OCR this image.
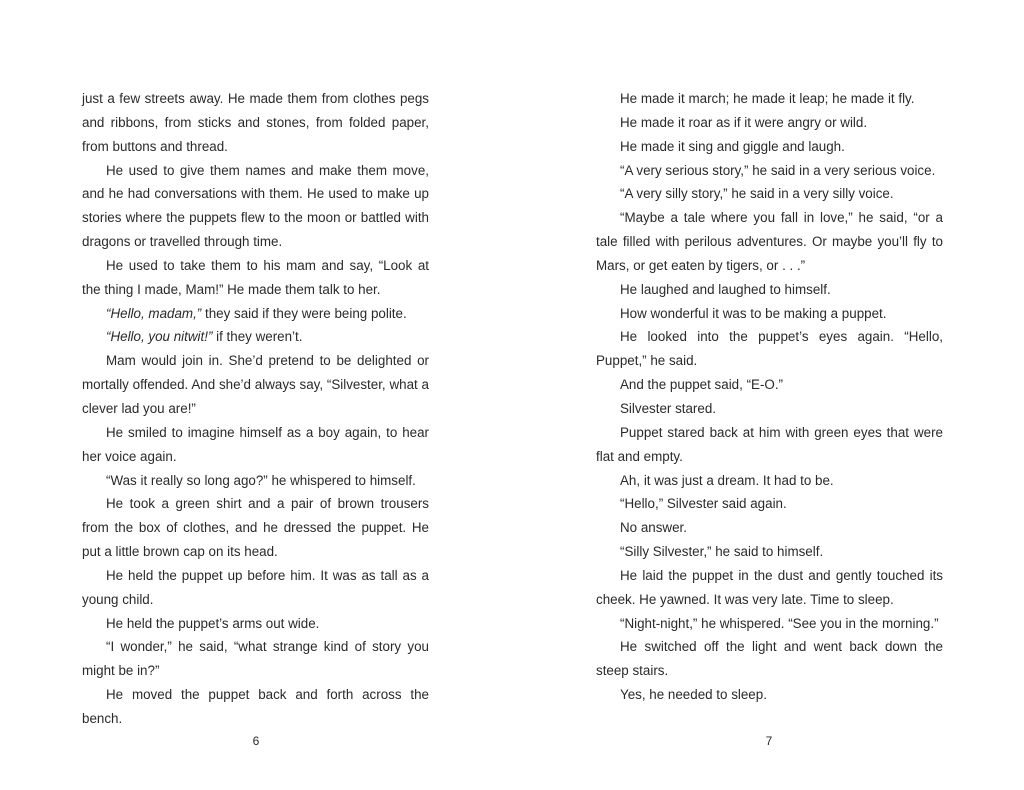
just a few streets away. He made them from clothes pegs and ribbons, from sticks and stones, from folded paper, from buttons and thread.

He used to give them names and make them move, and he had conversations with them. He used to make up stories where the puppets flew to the moon or battled with dragons or travelled through time.

He used to take them to his mam and say, “Look at the thing I made, Mam!” He made them talk to her.

“Hello, madam,” they said if they were being polite.

“Hello, you nitwit!” if they weren’t.

Mam would join in. She’d pretend to be delighted or mortally offended. And she’d always say, “Silvester, what a clever lad you are!”

He smiled to imagine himself as a boy again, to hear her voice again.

“Was it really so long ago?” he whispered to himself.

He took a green shirt and a pair of brown trousers from the box of clothes, and he dressed the puppet. He put a little brown cap on its head.

He held the puppet up before him. It was as tall as a young child.

He held the puppet’s arms out wide.

“I wonder,” he said, “what strange kind of story you might be in?”

He moved the puppet back and forth across the bench.

6

He made it march; he made it leap; he made it fly.

He made it roar as if it were angry or wild.

He made it sing and giggle and laugh.

“A very serious story,” he said in a very serious voice.

“A very silly story,” he said in a very silly voice.

“Maybe a tale where you fall in love,” he said, “or a tale filled with perilous adventures. Or maybe you’ll fly to Mars, or get eaten by tigers, or . . .”

He laughed and laughed to himself.

How wonderful it was to be making a puppet.

He looked into the puppet’s eyes again. “Hello, Puppet,” he said.

And the puppet said, “E-O.”

Silvester stared.

Puppet stared back at him with green eyes that were flat and empty.

Ah, it was just a dream. It had to be.

“Hello,” Silvester said again.

No answer.

“Silly Silvester,” he said to himself.

He laid the puppet in the dust and gently touched its cheek. He yawned. It was very late. Time to sleep.

“Night-night,” he whispered. “See you in the morning.”

He switched off the light and went back down the steep stairs.

Yes, he needed to sleep.

7
